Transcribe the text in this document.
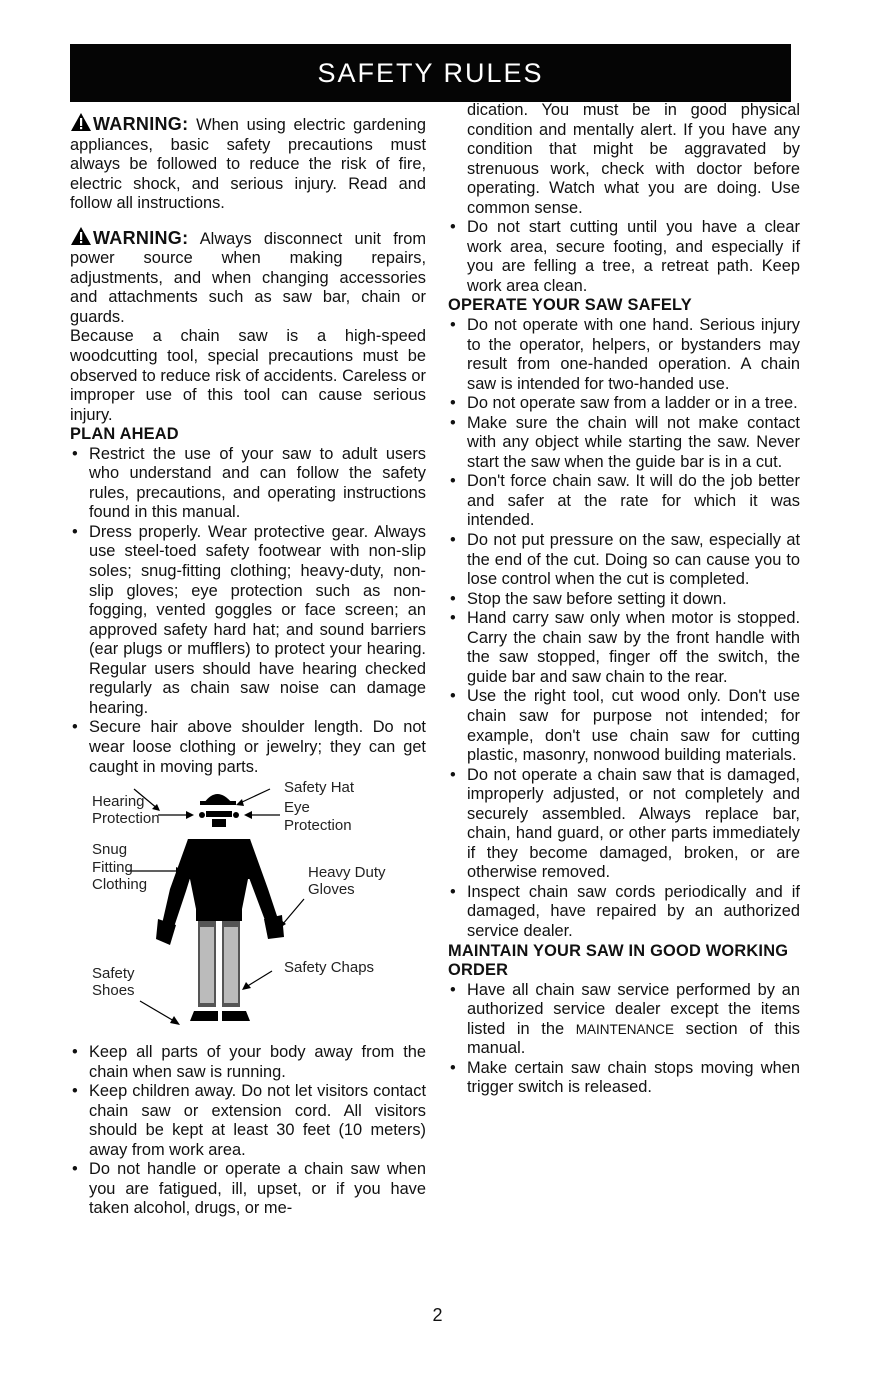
SAFETY RULES

WARNING: When using electric gardening appliances, basic safety precautions must always be followed to reduce the risk of fire, electric shock, and serious injury. Read and follow all instructions.

WARNING: Always disconnect unit from power source when making repairs, adjustments, and when changing accessories and attachments such as saw bar, chain or guards.

Because a chain saw is a high-speed woodcutting tool, special precautions must be observed to reduce risk of accidents. Careless or improper use of this tool can cause serious injury.

PLAN AHEAD

• Restrict the use of your saw to adult users who understand and can follow the safety rules, precautions, and operating instructions found in this manual.
• Dress properly. Wear protective gear. Always use steel-toed safety footwear with non-slip soles; snug-fitting clothing; heavy-duty, non-slip gloves; eye protection such as non-fogging, vented goggles or face screen; an approved safety hard hat; and sound barriers (ear plugs or mufflers) to protect your hearing. Regular users should have hearing checked regularly as chain saw noise can damage hearing.
• Secure hair above shoulder length. Do not wear loose clothing or jewelry; they can get caught in moving parts.
Hearing
Protection
Safety Hat
Eye
Protection
Snug
Fitting
Clothing
Heavy Duty
Gloves
Safety
Shoes
Safety Chaps
• Keep all parts of your body away from the chain when saw is running.
• Keep children away. Do not let visitors contact chain saw or extension cord. All visitors should be kept at least 30 feet (10 meters) away from work area.
• Do not handle or operate a chain saw when you are fatigued, ill, upset, or if you have taken alcohol, drugs, or me-

dication. You must be in good physical condition and mentally alert. If you have any condition that might be aggravated by strenuous work, check with doctor before operating. Watch what you are doing. Use common sense.

• Do not start cutting until you have a clear work area, secure footing, and especially if you are felling a tree, a retreat path. Keep work area clean.

OPERATE YOUR SAW SAFELY

• Do not operate with one hand. Serious injury to the operator, helpers, or bystanders may result from one-handed operation. A chain saw is intended for two-handed use.
• Do not operate saw from a ladder or in a tree.
• Make sure the chain will not make contact with any object while starting the saw. Never start the saw when the guide bar is in a cut.
• Don't force chain saw. It will do the job better and safer at the rate for which it was intended.
• Do not put pressure on the saw, especially at the end of the cut. Doing so can cause you to lose control when the cut is completed.
• Stop the saw before setting it down.
• Hand carry saw only when motor is stopped. Carry the chain saw by the front handle with the saw stopped, finger off the switch, the guide bar and saw chain to the rear.
• Use the right tool, cut wood only. Don't use chain saw for purpose not intended; for example, don't use chain saw for cutting plastic, masonry, nonwood building materials.
• Do not operate a chain saw that is damaged, improperly adjusted, or not completely and securely assembled. Always replace bar, chain, hand guard, or other parts immediately if they become damaged, broken, or are otherwise removed.
• Inspect chain saw cords periodically and if damaged, have repaired by an authorized service dealer.

MAINTAIN YOUR SAW IN GOOD WORKING ORDER

• Have all chain saw service performed by an authorized service dealer except the items listed in the MAINTENANCE section of this manual.
• Make certain saw chain stops moving when trigger switch is released.
2
